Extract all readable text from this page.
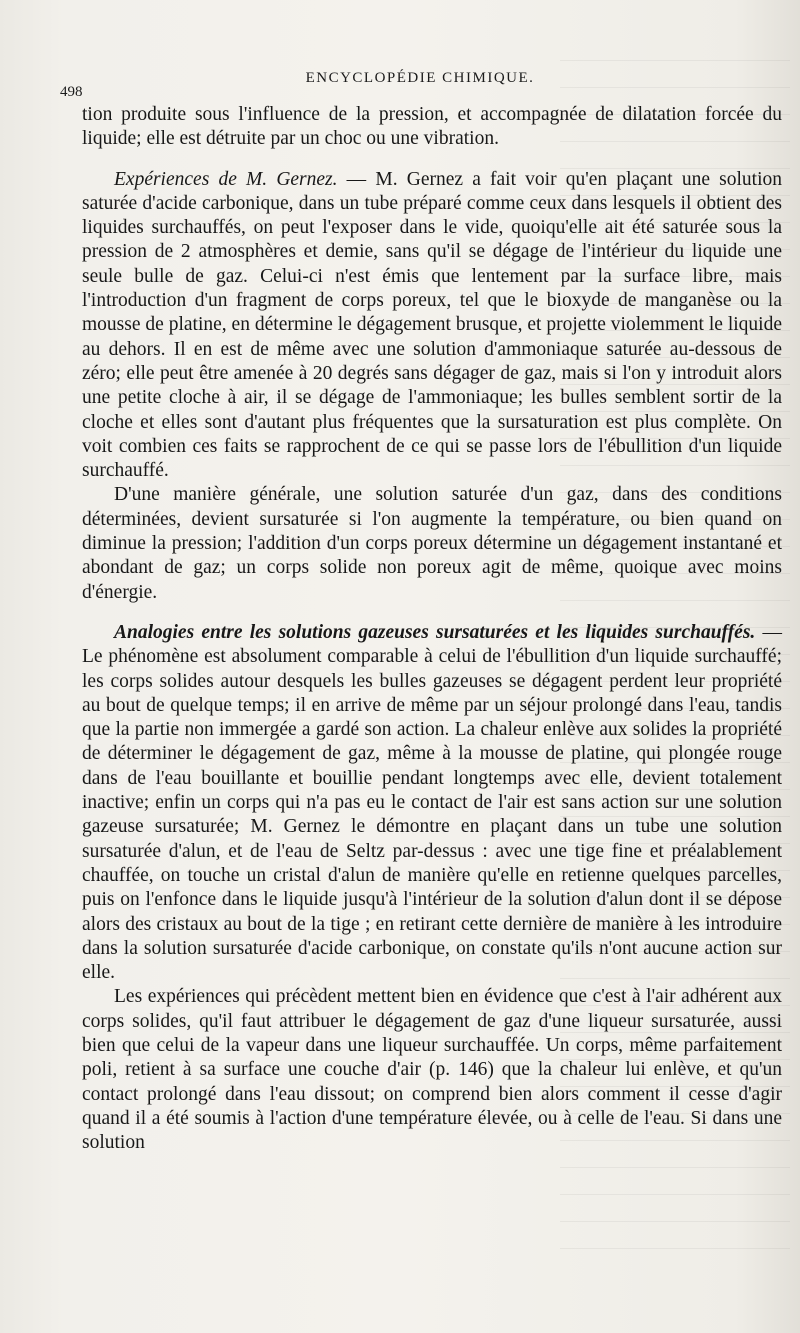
498
ENCYCLOPÉDIE CHIMIQUE.

tion produite sous l'influence de la pression, et accompagnée de dilatation forcée du liquide; elle est détruite par un choc ou une vibration.

Expériences de M. Gernez. — M. Gernez a fait voir qu'en plaçant une solution saturée d'acide carbonique, dans un tube préparé comme ceux dans lesquels il obtient des liquides surchauffés, on peut l'exposer dans le vide, quoiqu'elle ait été saturée sous la pression de 2 atmosphères et demie, sans qu'il se dégage de l'intérieur du liquide une seule bulle de gaz. Celui-ci n'est émis que lentement par la surface libre, mais l'introduction d'un fragment de corps poreux, tel que le bioxyde de manganèse ou la mousse de platine, en détermine le dégagement brusque, et projette violemment le liquide au dehors. Il en est de même avec une solution d'ammoniaque saturée au-dessous de zéro; elle peut être amenée à 20 degrés sans dégager de gaz, mais si l'on y introduit alors une petite cloche à air, il se dégage de l'ammoniaque; les bulles semblent sortir de la cloche et elles sont d'autant plus fréquentes que la sursaturation est plus complète. On voit combien ces faits se rapprochent de ce qui se passe lors de l'ébullition d'un liquide surchauffé.

D'une manière générale, une solution saturée d'un gaz, dans des conditions déterminées, devient sursaturée si l'on augmente la température, ou bien quand on diminue la pression; l'addition d'un corps poreux détermine un dégagement instantané et abondant de gaz; un corps solide non poreux agit de même, quoique avec moins d'énergie.

Analogies entre les solutions gazeuses sursaturées et les liquides surchauffés. — Le phénomène est absolument comparable à celui de l'ébullition d'un liquide surchauffé; les corps solides autour desquels les bulles gazeuses se dégagent perdent leur propriété au bout de quelque temps; il en arrive de même par un séjour prolongé dans l'eau, tandis que la partie non immergée a gardé son action. La chaleur enlève aux solides la propriété de déterminer le dégagement de gaz, même à la mousse de platine, qui plongée rouge dans de l'eau bouillante et bouillie pendant longtemps avec elle, devient totalement inactive; enfin un corps qui n'a pas eu le contact de l'air est sans action sur une solution gazeuse sursaturée; M. Gernez le démontre en plaçant dans un tube une solution sursaturée d'alun, et de l'eau de Seltz par-dessus : avec une tige fine et préalablement chauffée, on touche un cristal d'alun de manière qu'elle en retienne quelques parcelles, puis on l'enfonce dans le liquide jusqu'à l'intérieur de la solution d'alun dont il se dépose alors des cristaux au bout de la tige ; en retirant cette dernière de manière à les introduire dans la solution sursaturée d'acide carbonique, on constate qu'ils n'ont aucune action sur elle.

Les expériences qui précèdent mettent bien en évidence que c'est à l'air adhérent aux corps solides, qu'il faut attribuer le dégagement de gaz d'une liqueur sursaturée, aussi bien que celui de la vapeur dans une liqueur surchauffée. Un corps, même parfaitement poli, retient à sa surface une couche d'air (p. 146) que la chaleur lui enlève, et qu'un contact prolongé dans l'eau dissout; on comprend bien alors comment il cesse d'agir quand il a été soumis à l'action d'une température élevée, ou à celle de l'eau. Si dans une solution
